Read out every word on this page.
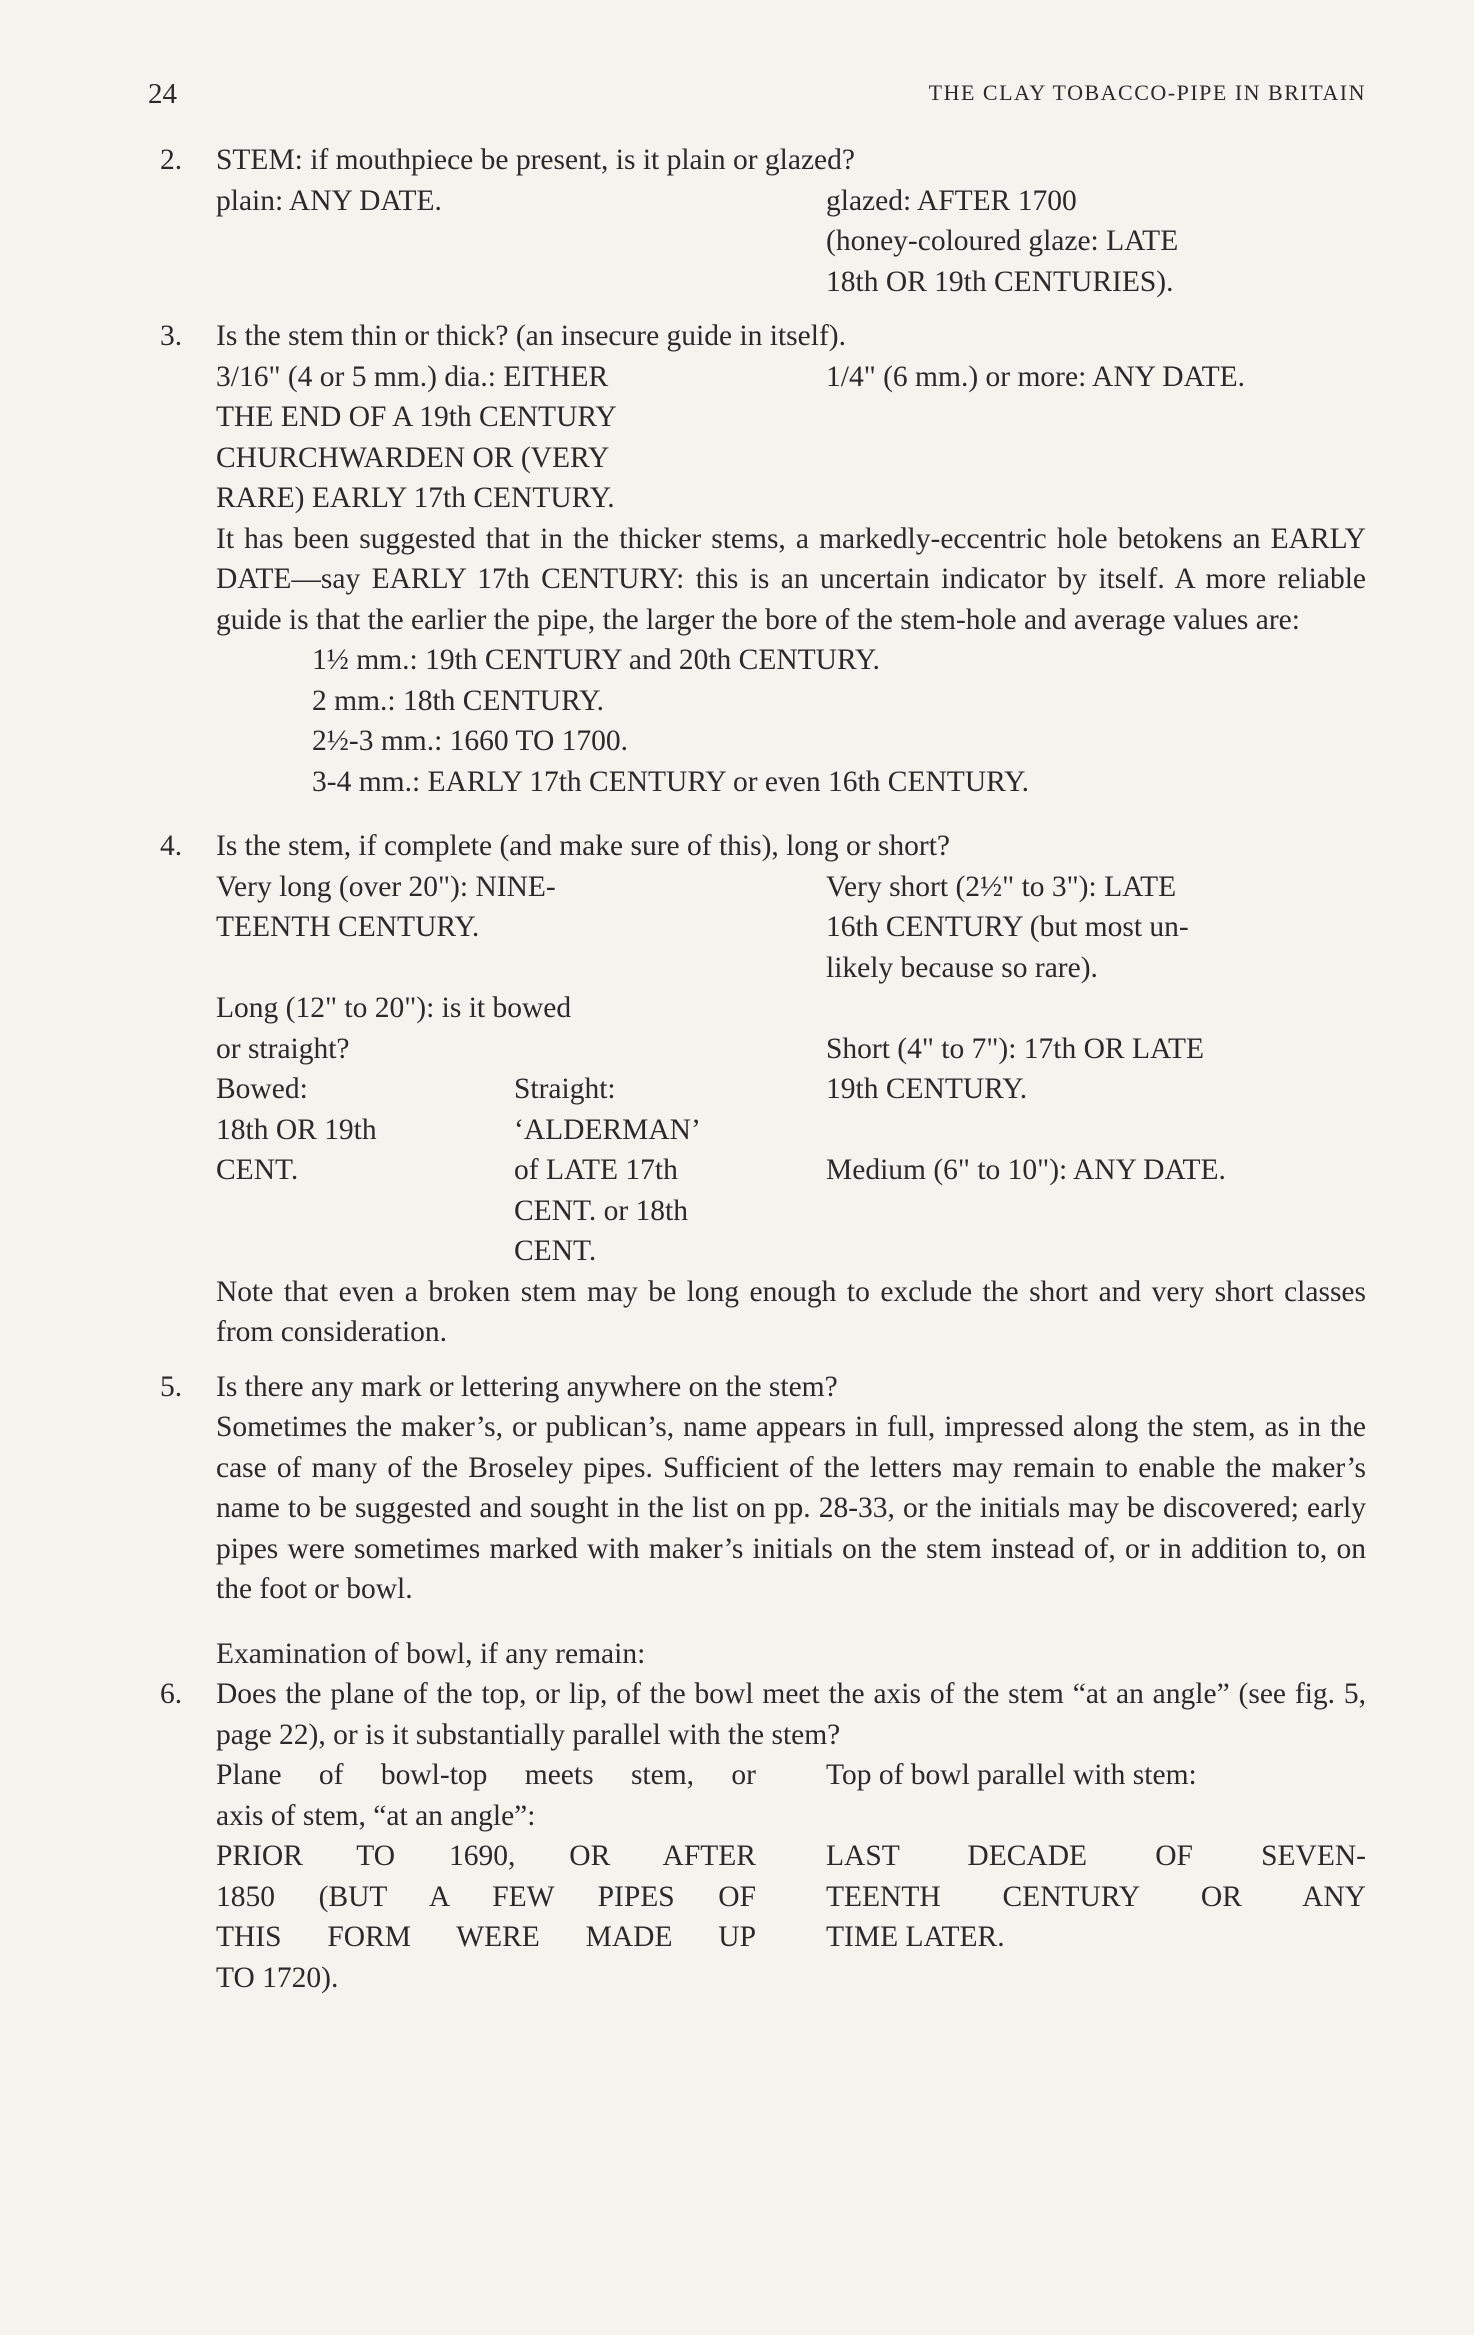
24	THE CLAY TOBACCO-PIPE IN BRITAIN
2. STEM: if mouthpiece be present, is it plain or glazed?
plain: ANY DATE.	glazed: AFTER 1700
(honey-coloured glaze: LATE
18th OR 19th CENTURIES).
3. Is the stem thin or thick? (an insecure guide in itself).
3/16" (4 or 5 mm.) dia.: EITHER
THE END OF A 19th CENTURY
CHURCHWARDEN OR (VERY
RARE) EARLY 17th CENTURY.
1/4" (6 mm.) or more: ANY DATE.
It has been suggested that in the thicker stems, a markedly-eccentric hole betokens an EARLY DATE—say EARLY 17th CENTURY: this is an uncertain indicator by itself. A more reliable guide is that the earlier the pipe, the larger the bore of the stem-hole and average values are:
1½ mm.: 19th CENTURY and 20th CENTURY.
2 mm.: 18th CENTURY.
2½-3 mm.: 1660 TO 1700.
3-4 mm.: EARLY 17th CENTURY or even 16th CENTURY.
4. Is the stem, if complete (and make sure of this), long or short?
Very long (over 20"): NINE-
TEENTH CENTURY.

Long (12" to 20"): is it bowed
or straight?
Bowed:
18th OR 19th
CENT.
Straight:
‘ALDERMAN’
of LATE 17th
CENT. or 18th
CENT.
Very short (2½" to 3"): LATE
16th CENTURY (but most un-
likely because so rare).

Short (4" to 7"): 17th OR LATE
19th CENTURY.

Medium (6" to 10"): ANY DATE.
Note that even a broken stem may be long enough to exclude the short and very short classes from consideration.
5. Is there any mark or lettering anywhere on the stem?
Sometimes the maker’s, or publican’s, name appears in full, impressed along the stem, as in the case of many of the Broseley pipes. Sufficient of the letters may remain to enable the maker’s name to be suggested and sought in the list on pp. 28-33, or the initials may be discovered; early pipes were sometimes marked with maker’s initials on the stem instead of, or in addition to, on the foot or bowl.
Examination of bowl, if any remain:
6. Does the plane of the top, or lip, of the bowl meet the axis of the stem “at an angle” (see fig. 5, page 22), or is it substantially parallel with the stem?
Plane of bowl-top meets stem, or
axis of stem, “at an angle”:
PRIOR TO 1690, OR AFTER
1850 (BUT A FEW PIPES OF
THIS FORM WERE MADE UP
TO 1720).
Top of bowl parallel with stem:

LAST DECADE OF SEVEN-
TEENTH CENTURY OR ANY
TIME LATER.
